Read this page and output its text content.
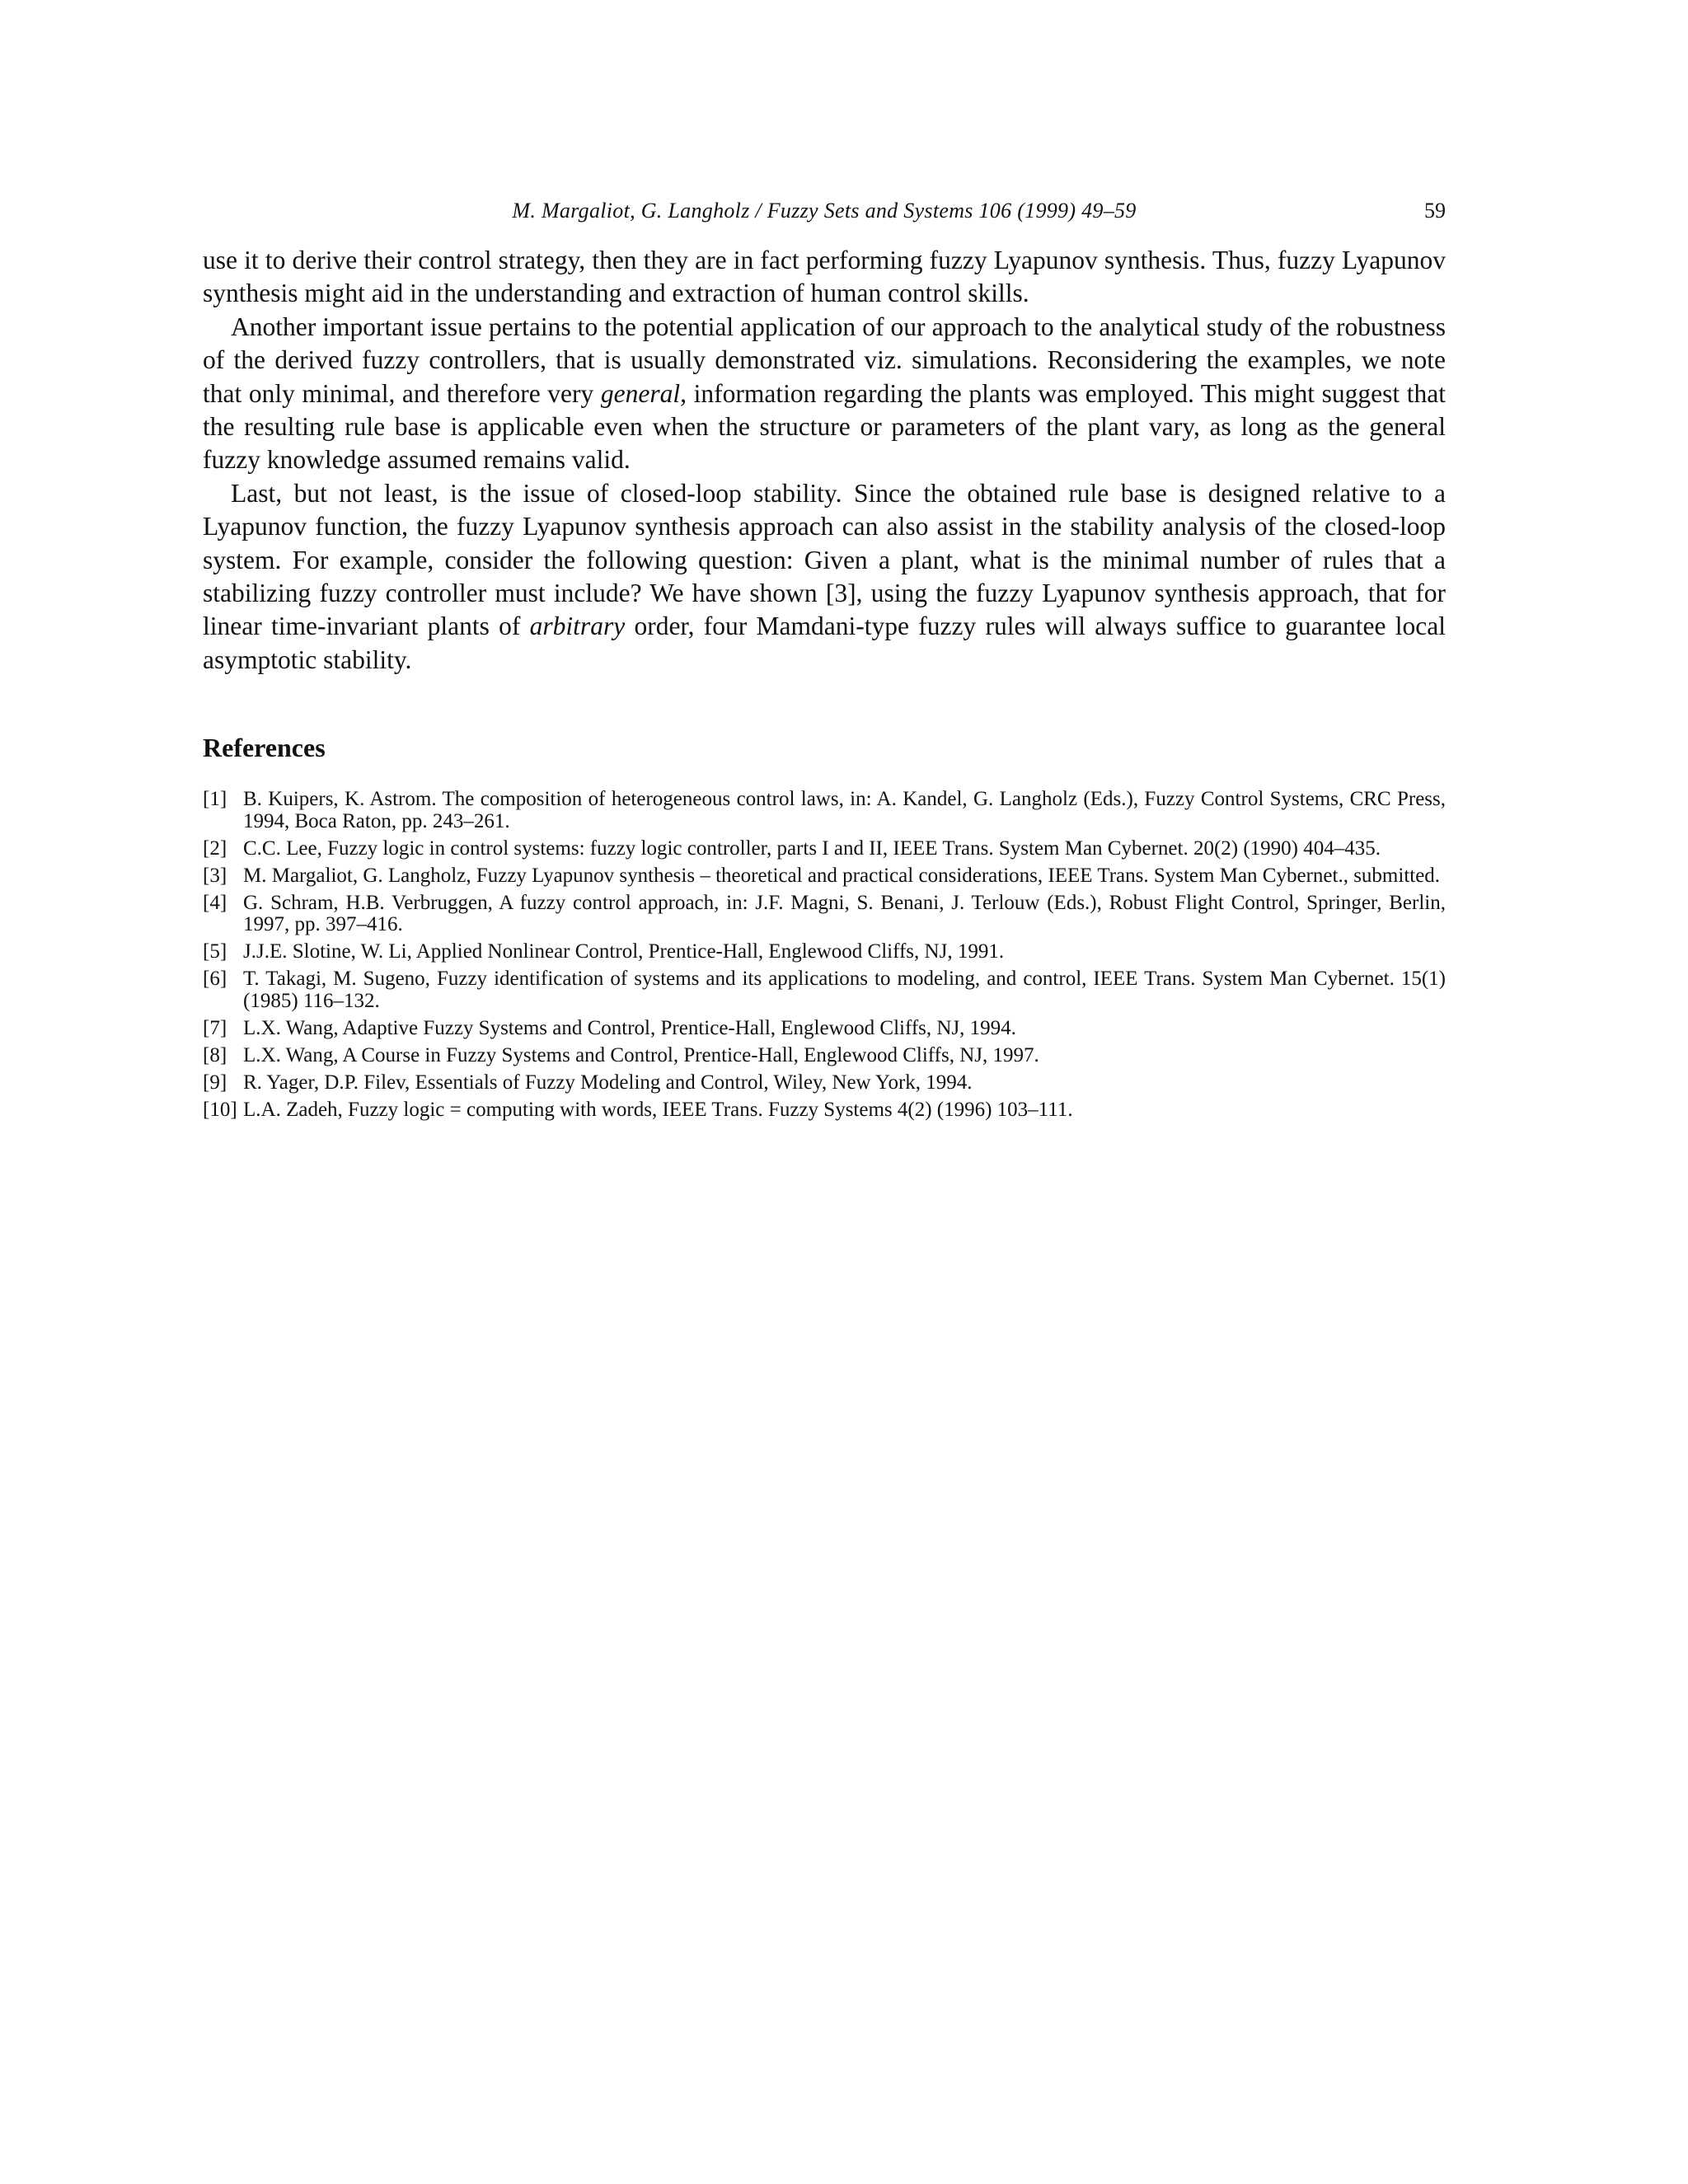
M. Margaliot, G. Langholz / Fuzzy Sets and Systems 106 (1999) 49–59	59

use it to derive their control strategy, then they are in fact performing fuzzy Lyapunov synthesis. Thus, fuzzy Lyapunov synthesis might aid in the understanding and extraction of human control skills.

Another important issue pertains to the potential application of our approach to the analytical study of the robustness of the derived fuzzy controllers, that is usually demonstrated viz. simulations. Reconsidering the examples, we note that only minimal, and therefore very general, information regarding the plants was employed. This might suggest that the resulting rule base is applicable even when the structure or parameters of the plant vary, as long as the general fuzzy knowledge assumed remains valid.

Last, but not least, is the issue of closed-loop stability. Since the obtained rule base is designed relative to a Lyapunov function, the fuzzy Lyapunov synthesis approach can also assist in the stability analysis of the closed-loop system. For example, consider the following question: Given a plant, what is the minimal number of rules that a stabilizing fuzzy controller must include? We have shown [3], using the fuzzy Lyapunov synthesis approach, that for linear time-invariant plants of arbitrary order, four Mamdani-type fuzzy rules will always suffice to guarantee local asymptotic stability.

References
[1] B. Kuipers, K. Astrom. The composition of heterogeneous control laws, in: A. Kandel, G. Langholz (Eds.), Fuzzy Control Systems, CRC Press, 1994, Boca Raton, pp. 243–261.
[2] C.C. Lee, Fuzzy logic in control systems: fuzzy logic controller, parts I and II, IEEE Trans. System Man Cybernet. 20(2) (1990) 404–435.
[3] M. Margaliot, G. Langholz, Fuzzy Lyapunov synthesis – theoretical and practical considerations, IEEE Trans. System Man Cybernet., submitted.
[4] G. Schram, H.B. Verbruggen, A fuzzy control approach, in: J.F. Magni, S. Benani, J. Terlouw (Eds.), Robust Flight Control, Springer, Berlin, 1997, pp. 397–416.
[5] J.J.E. Slotine, W. Li, Applied Nonlinear Control, Prentice-Hall, Englewood Cliffs, NJ, 1991.
[6] T. Takagi, M. Sugeno, Fuzzy identification of systems and its applications to modeling, and control, IEEE Trans. System Man Cybernet. 15(1) (1985) 116–132.
[7] L.X. Wang, Adaptive Fuzzy Systems and Control, Prentice-Hall, Englewood Cliffs, NJ, 1994.
[8] L.X. Wang, A Course in Fuzzy Systems and Control, Prentice-Hall, Englewood Cliffs, NJ, 1997.
[9] R. Yager, D.P. Filev, Essentials of Fuzzy Modeling and Control, Wiley, New York, 1994.
[10] L.A. Zadeh, Fuzzy logic = computing with words, IEEE Trans. Fuzzy Systems 4(2) (1996) 103–111.
